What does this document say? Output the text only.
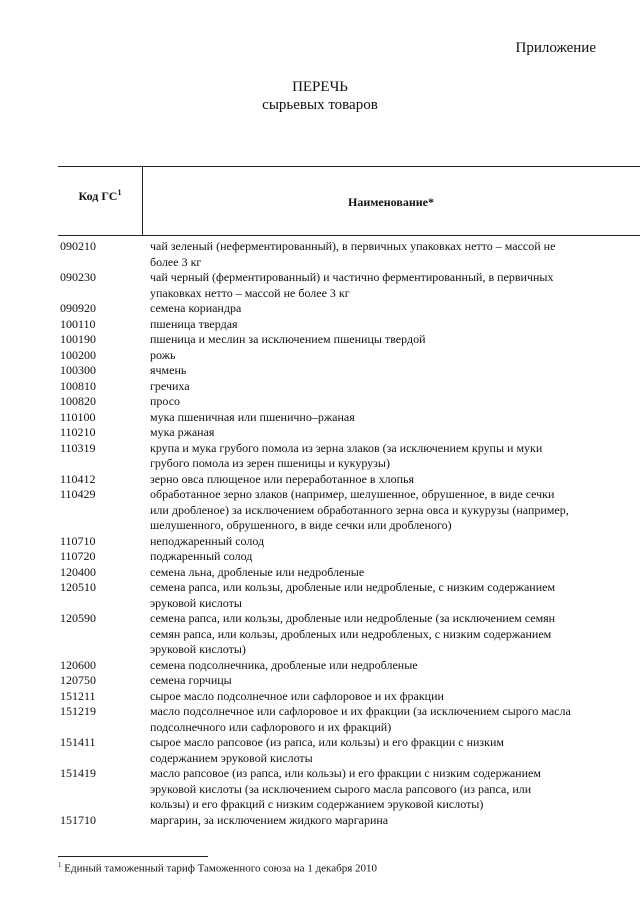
Приложение
ПЕРЕЧЬ
сырьевых товаров
Код $ГС^1$
Наименование*
090210	чай зеленый (неферментированный), в первичных упаковках нетто – массой не
более 3 кг
090230	чай черный (ферментированный) и частично ферментированный, в первичных
упаковках нетто – массой не более 3 кг
090920	семена кориандра
100110	пшеница твердая
100190	пшеница и меслин за исключением пшеницы твердой
100200	рожь
100300	ячмень
100810	гречиха
100820	просо
110100	мука пшеничная или пшенично–ржаная
110210	мука ржаная
110319	крупа и мука грубого помола из зерна злаков (за исключением крупы и муки
грубого помола из зерен пшеницы и кукурузы)
110412	зерно овса плющеное или переработанное в хлопья
110429	обработанное зерно злаков (например, шелушенное, обрушенное, в виде сечки
или дробленое) за исключением обработанного зерна овса и кукурузы (например,
шелушенного, обрушенного, в виде сечки или дробленого)
110710	неподжаренный солод
110720	поджаренный солод
120400	семена льна, дробленые или недробленые
120510	семена рапса, или кользы, дробленые или недробленые, с низким содержанием
эруковой кислоты
120590	семена рапса, или кользы, дробленые или недробленые (за исключением семян
семян рапса, или кользы, дробленых или недробленых, с низким содержанием
эруковой кислоты)
120600	семена подсолнечника, дробленые или недробленые
120750	семена горчицы
151211	сырое масло подсолнечное или сафлоровое и их фракции
151219	масло подсолнечное или сафлоровое и их фракции (за исключением сырого масла
подсолнечного или сафлорового и их фракций)
151411	сырое масло рапсовое (из рапса, или кользы) и его фракции с низким
содержанием эруковой кислоты
151419	масло рапсовое (из рапса, или кользы) и его фракции с низким содержанием
эруковой кислоты (за исключением сырого масла рапсового (из рапса, или
кользы) и его фракций с низким содержанием эруковой кислоты)
151710	маргарин, за исключением жидкого маргарина
$^1$ Единый таможенный тариф Таможенного союза на 1 декабря 2010
